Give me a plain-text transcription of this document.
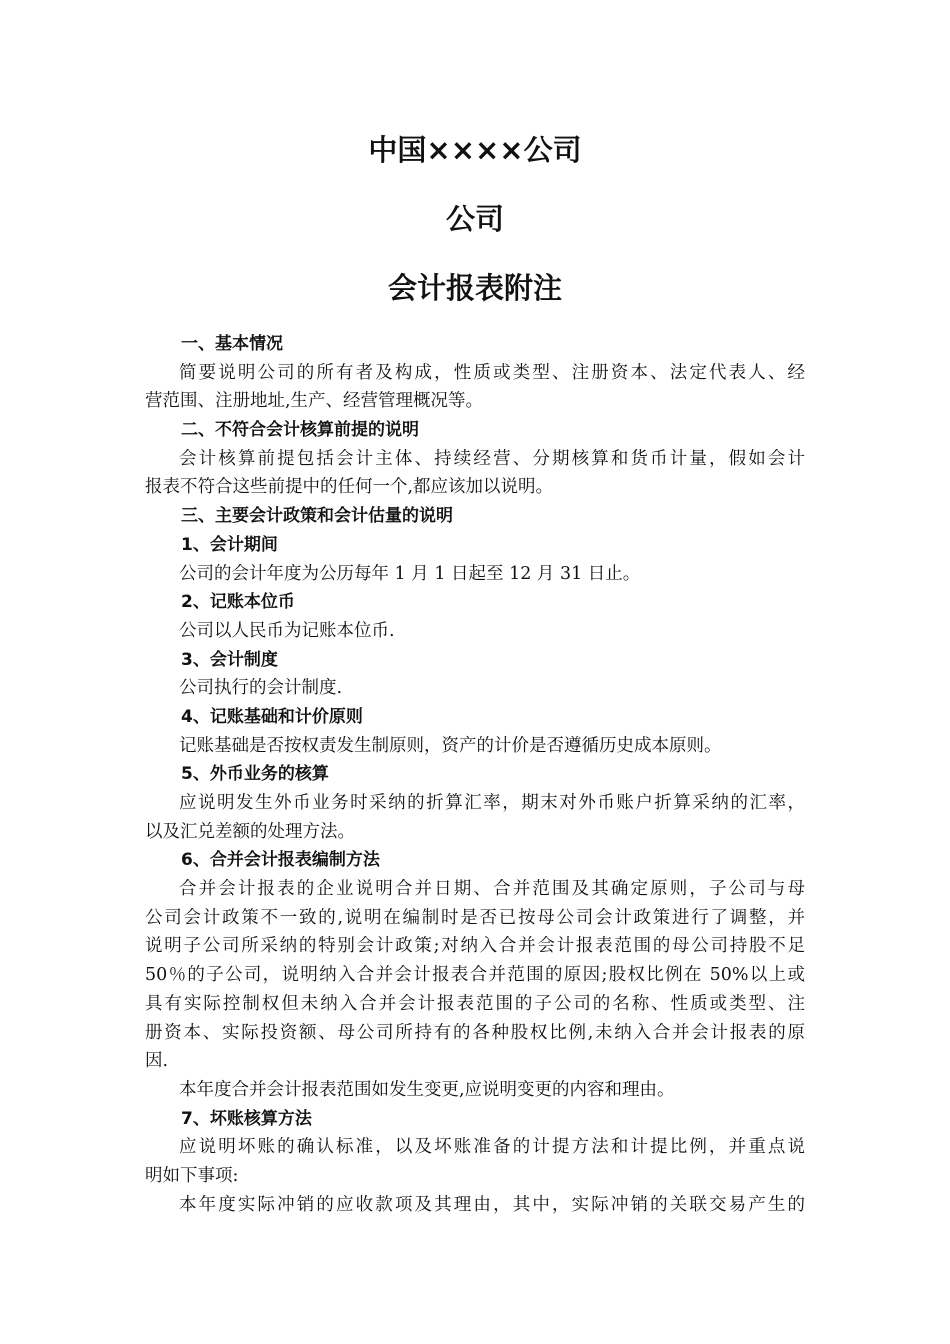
中国××××公司
公司
会计报表附注
一、基本情况
简要说明公司的所有者及构成，性质或类型、注册资本、法定代表人、经
营范围、注册地址,生产、经营管理概况等。
二、不符合会计核算前提的说明
会计核算前提包括会计主体、持续经营、分期核算和货币计量，假如会计
报表不符合这些前提中的任何一个,都应该加以说明。
三、主要会计政策和会计估量的说明
1、会计期间
公司的会计年度为公历每年 1 月 1 日起至 12 月 31 日止。
2、记账本位币
公司以人民币为记账本位币.
3、会计制度
公司执行的会计制度.
4、记账基础和计价原则
记账基础是否按权责发生制原则，资产的计价是否遵循历史成本原则。
5、外币业务的核算
应说明发生外币业务时采纳的折算汇率，期末对外币账户折算采纳的汇率，
以及汇兑差额的处理方法。
6、合并会计报表编制方法
合并会计报表的企业说明合并日期、合并范围及其确定原则，子公司与母
公司会计政策不一致的,说明在编制时是否已按母公司会计政策进行了调整，并
说明子公司所采纳的特别会计政策;对纳入合并会计报表范围的母公司持股不足
50％的子公司，说明纳入合并会计报表合并范围的原因;股权比例在 50%以上或
具有实际控制权但未纳入合并会计报表范围的子公司的名称、性质或类型、注
册资本、实际投资额、母公司所持有的各种股权比例,未纳入合并会计报表的原
因.
本年度合并会计报表范围如发生变更,应说明变更的内容和理由。
7、坏账核算方法
应说明坏账的确认标准，以及坏账准备的计提方法和计提比例，并重点说
明如下事项:
本年度实际冲销的应收款项及其理由，其中，实际冲销的关联交易产生的
